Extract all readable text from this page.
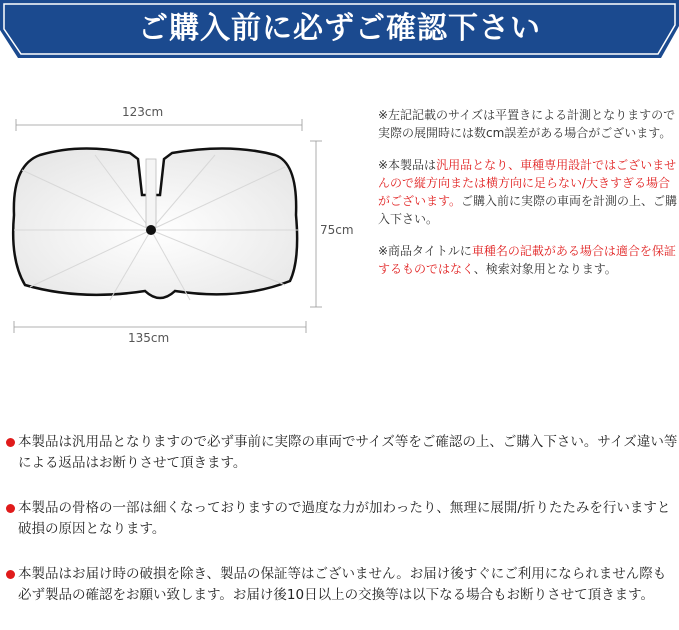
ご購入前に必ずご確認下さい
123cm
135cm
75cm
※左記記載のサイズは平置きによる計測となりますので実際の展開時には数cm誤差がある場合がございます。
※本製品は汎用品となり、車種専用設計ではございませんので縦方向または横方向に足らない/大きすぎる場合がございます。ご購入前に実際の車両を計測の上、ご購入下さい。
※商品タイトルに車種名の記載がある場合は適合を保証するものではなく、検索対象用となります。
本製品は汎用品となりますので必ず事前に実際の車両でサイズ等をご確認の上、ご購入下さい。サイズ違い等による返品はお断りさせて頂きます。
本製品の骨格の一部は細くなっておりますので過度な力が加わったり、無理に展開/折りたたみを行いますと破損の原因となります。
本製品はお届け時の破損を除き、製品の保証等はございません。お届け後すぐにご利用になられません際も必ず製品の確認をお願い致します。お届け後10日以上の交換等は以下なる場合もお断りさせて頂きます。
